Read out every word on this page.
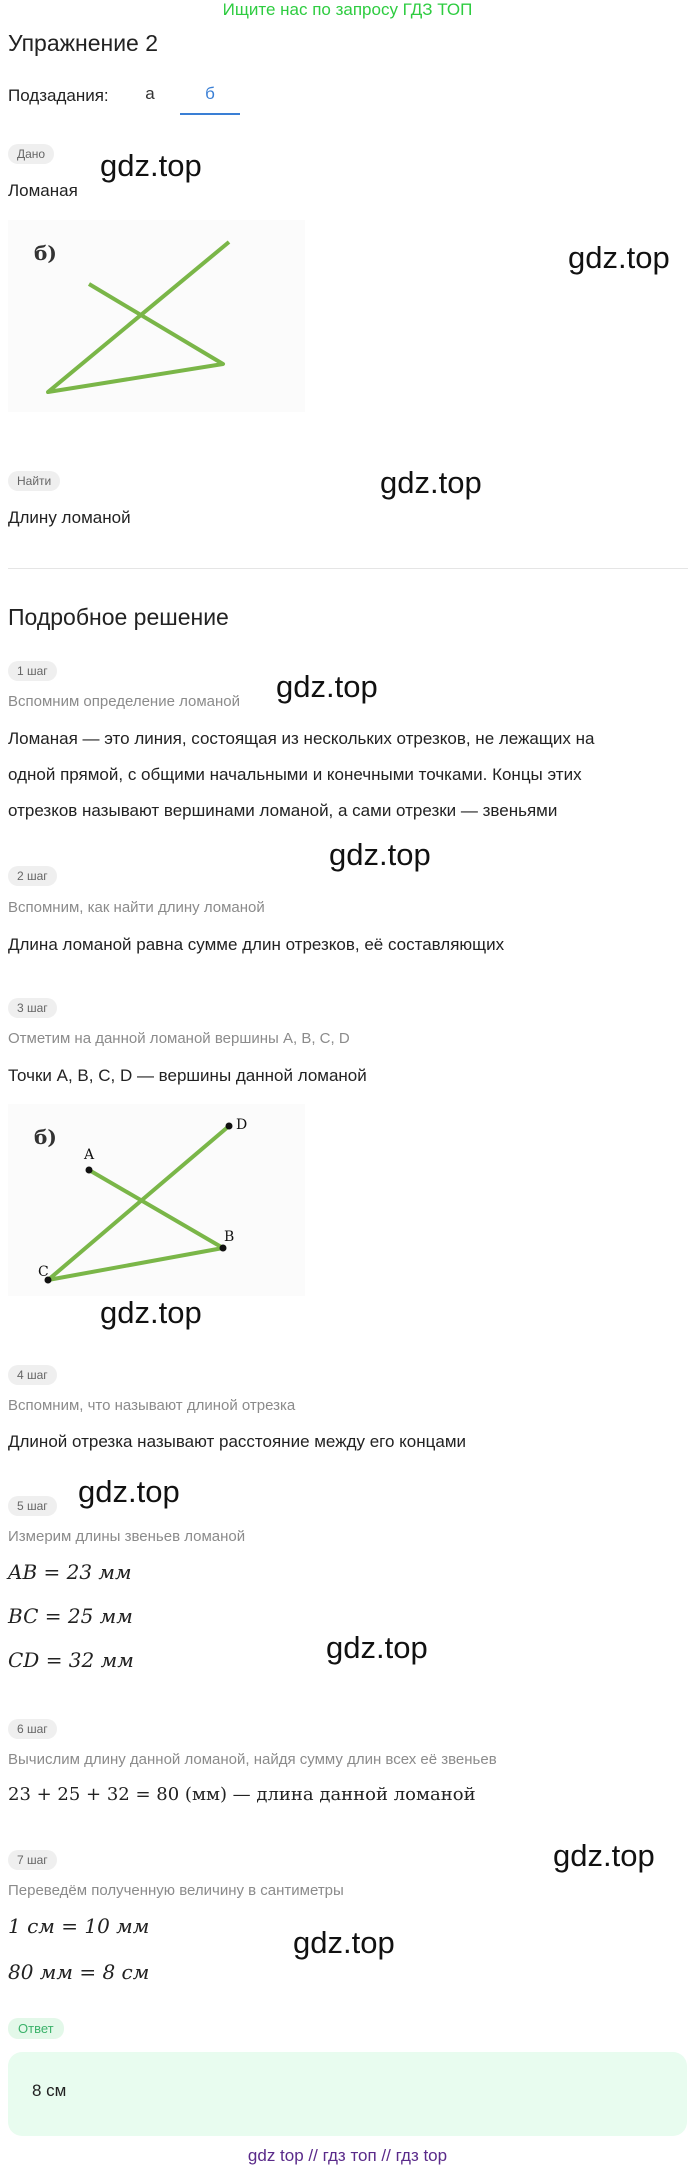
Ищите нас по запросу ГДЗ ТОП
Упражнение 2
Подзадания:	а	б
Дано
Ломаная
gdz.top
б)	gdz.top
Найти	gdz.top
Длину ломаной
Подробное решение
1 шаг	gdz.top
Вспомним определение ломаной
Ломаная — это линия, состоящая из нескольких отрезков, не лежащих на
одной прямой, с общими начальными и конечными точками. Концы этих
отрезков называют вершинами ломаной, а сами отрезки — звеньями
2 шаг
gdz.top
Вспомним, как найти длину ломаной
Длина ломаной равна сумме длин отрезков, её составляющих
3 шаг
Отметим на данной ломаной вершины A, B, C, D
Точки A, B, C, D — вершины данной ломаной
б)
A
B
C
D
gdz.top
4 шаг
Вспомним, что называют длиной отрезка
Длиной отрезка называют расстояние между его концами
5 шаг gdz.top
Измерим длины звеньев ломаной
AB = 23 мм
BC = 25 мм
CD = 32 мм	gdz.top
6 шаг
Вычислим длину данной ломаной, найдя сумму длин всех её звеньев
23 + 25 + 32 = 80 (мм) — длина данной ломаной
7 шаг	gdz.top
Переведём полученную величину в сантиметры
1 см = 10 мм
80 мм = 8 см
gdz.top
Ответ
8 см
gdz top // гдз топ // гдз top
